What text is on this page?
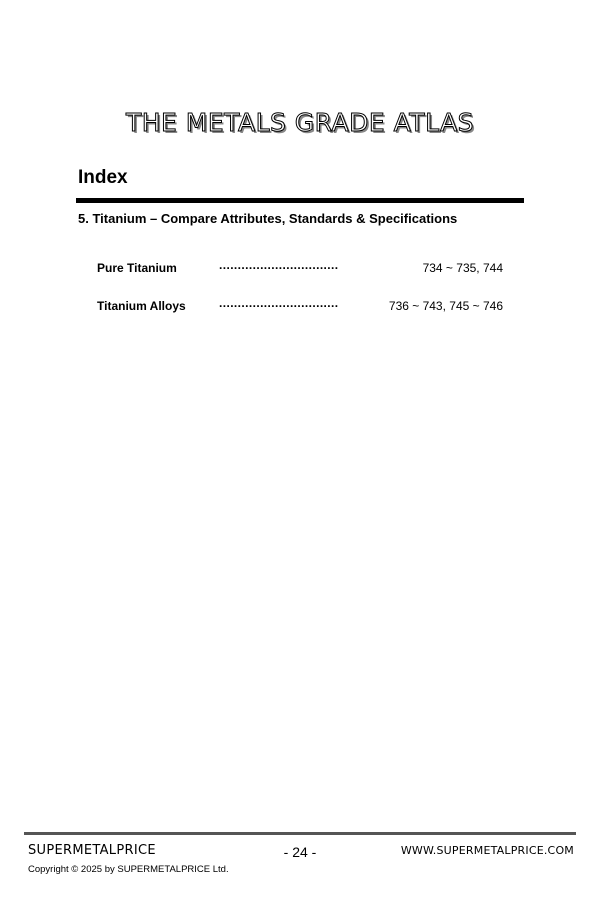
THE METALS GRADE ATLAS
Index
5. Titanium – Compare Attributes, Standards & Specifications
Pure Titanium	................................	734 ~ 735, 744
Titanium Alloys	................................	736 ~ 743, 745 ~ 746
SUPERMETALPRICE	- 24 -	WWW.SUPERMETALPRICE.COM
Copyright © 2025 by SUPERMETALPRICE Ltd.
